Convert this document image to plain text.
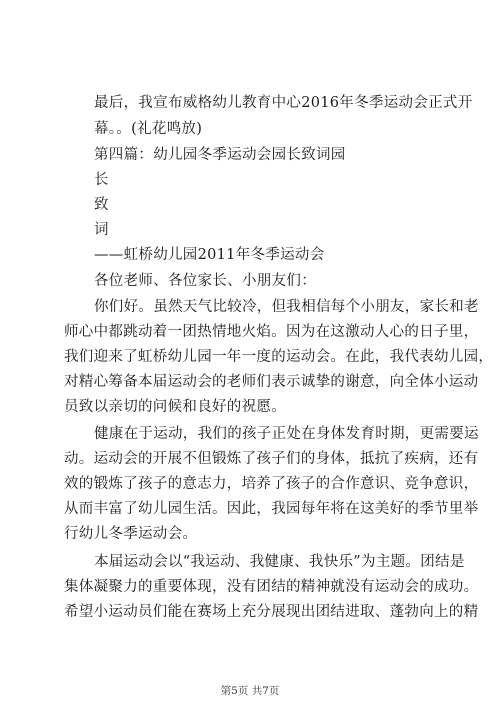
最后，我宣布威格幼儿教育中心2016年冬季运动会正式开
幕。。(礼花鸣放)
第四篇：幼儿园冬季运动会园长致词园
长
致
词
——虹桥幼儿园2011年冬季运动会
各位老师、各位家长、小朋友们：
你们好。虽然天气比较冷，但我相信每个小朋友，家长和老
师心中都跳动着一团热情地火焰。因为在这激动人心的日子里，
我们迎来了虹桥幼儿园一年一度的运动会。在此，我代表幼儿园，
对精心筹备本届运动会的老师们表示诚挚的谢意，向全体小运动
员致以亲切的问候和良好的祝愿。
健康在于运动，我们的孩子正处在身体发育时期，更需要运
动。运动会的开展不但锻炼了孩子们的身体，抵抗了疾病，还有
效的锻炼了孩子的意志力，培养了孩子的合作意识、竞争意识，
从而丰富了幼儿园生活。因此，我园每年将在这美好的季节里举
行幼儿冬季运动会。
本届运动会以“我运动、我健康、我快乐”为主题。团结是
集体凝聚力的重要体现，没有团结的精神就没有运动会的成功。
希望小运动员们能在赛场上充分展现出团结进取、蓬勃向上的精
第5页 共7页
